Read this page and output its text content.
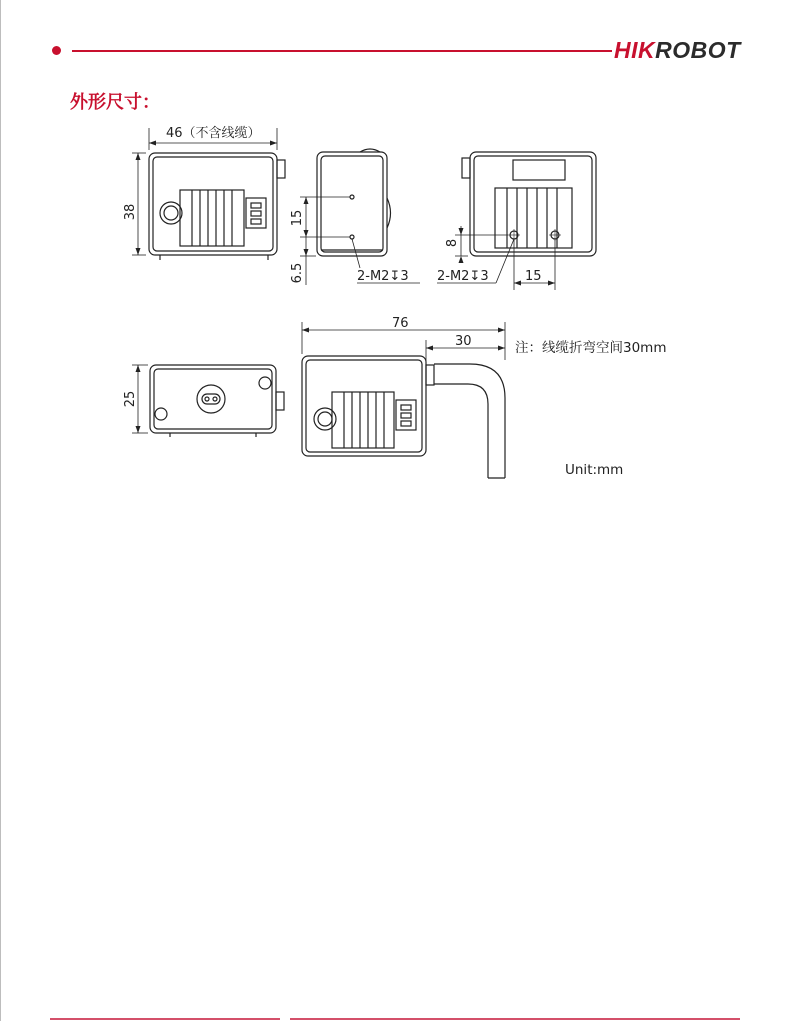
HIKROBOT
外形尺寸：
46（不含线缆）
38	15
6.5	2-M2↧3
8
2-M2↧3	15
76
30
25
注：线缆折弯空间30mm
Unit:mm
